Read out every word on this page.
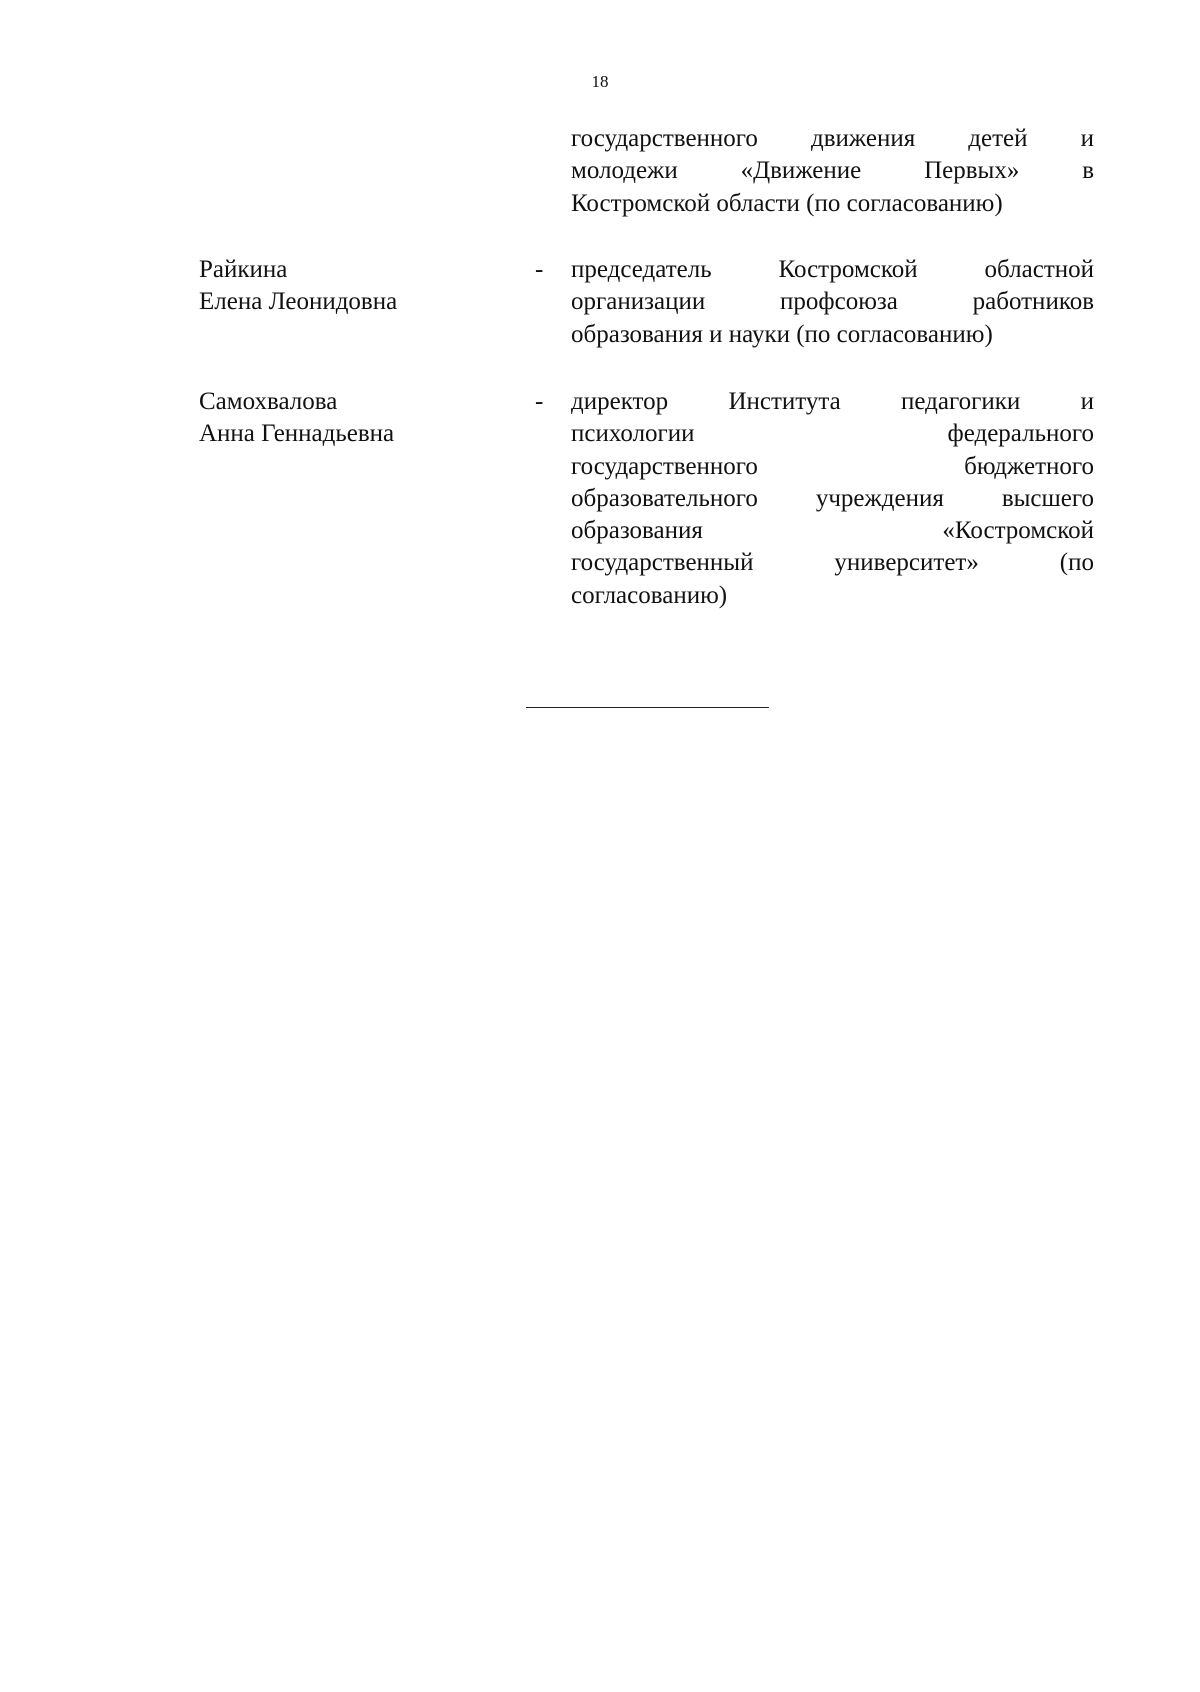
18
государственного движения детей и
молодежи «Движение Первых» в
Костромской области (по согласованию)
Райкина
Елена Леонидовна
- председатель Костромской областной
организации профсоюза работников
образования и науки (по согласованию)
Самохвалова
Анна Геннадьевна
- директор Института педагогики и
психологии федерального
государственного бюджетного
образовательного учреждения высшего
образования «Костромской
государственный университет» (по
согласованию)
